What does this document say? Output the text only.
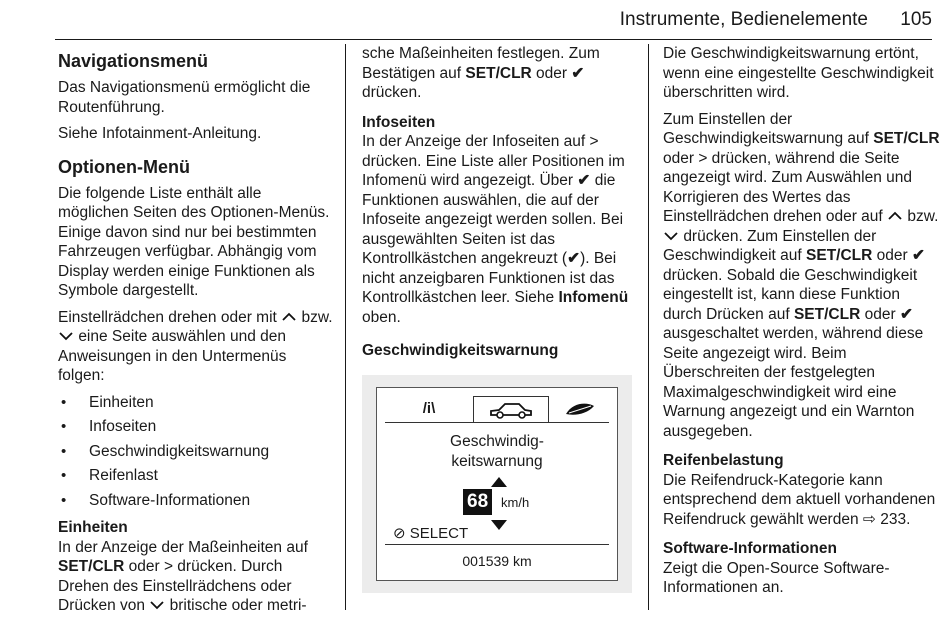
Instrumente, Bedienelemente 105
Navigationsmenü

Das Navigationsmenü ermöglicht die Routenführung.

Siehe Infotainment-Anleitung.

Optionen-Menü

Die folgende Liste enthält alle möglichen Seiten des Optionen-Menüs. Einige davon sind nur bei bestimmten Fahrzeugen verfügbar. Abhängig vom Display werden einige Funktionen als Symbole dargestellt.

Einstellrädchen drehen oder mit bzw.  eine Seite auswählen und den Anweisungen in den Untermenüs folgen:

• Einheiten
• Infoseiten
• Geschwindigkeitswarnung
• Reifenlast
• Software-Informationen
Einheiten

In der Anzeige der Maßeinheiten auf SET/CLR oder > drücken. Durch Drehen des Einstellrädchens oder Drücken von britische oder metri-

sche Maßeinheiten festlegen. Zum Bestätigen auf SET/CLR oder ✔ drücken.

Infoseiten

In der Anzeige der Infoseiten auf > drücken. Eine Liste aller Positionen im Infomenü wird angezeigt. Über ✔ die Funktionen auswählen, die auf der Infoseite angezeigt werden sollen. Bei ausgewählten Seiten ist das Kontrollkästchen angekreuzt (✔). Bei nicht anzeigbaren Funktionen ist das Kontrollkästchen leer. Siehe Infomenü oben.

Geschwindigkeitswarnung
/i\
Geschwindig-
keitswarnung
68 km/h
⊘ SELECT
001539 km

Die Geschwindigkeitswarnung ertönt, wenn eine eingestellte Geschwindigkeit überschritten wird.

Zum Einstellen der Geschwindigkeitswarnung auf SET/CLR oder > drücken, während die Seite angezeigt wird. Zum Auswählen und Korrigieren des Wertes das Einstellrädchen drehen oder auf bzw.  drücken. Zum Einstellen der Geschwindigkeit auf SET/CLR oder ✔ drücken. Sobald die Geschwindigkeit eingestellt ist, kann diese Funktion durch Drücken auf SET/CLR oder ✔ ausgeschaltet werden, während diese Seite angezeigt wird. Beim Überschreiten der festgelegten Maximalgeschwindigkeit wird eine Warnung angezeigt und ein Warnton ausgegeben.

Reifenbelastung

Die Reifendruck-Kategorie kann entsprechend dem aktuell vorhandenen Reifendruck gewählt werden ⇨ 233.

Software-Informationen

Zeigt die Open-Source Software-Informationen an.
